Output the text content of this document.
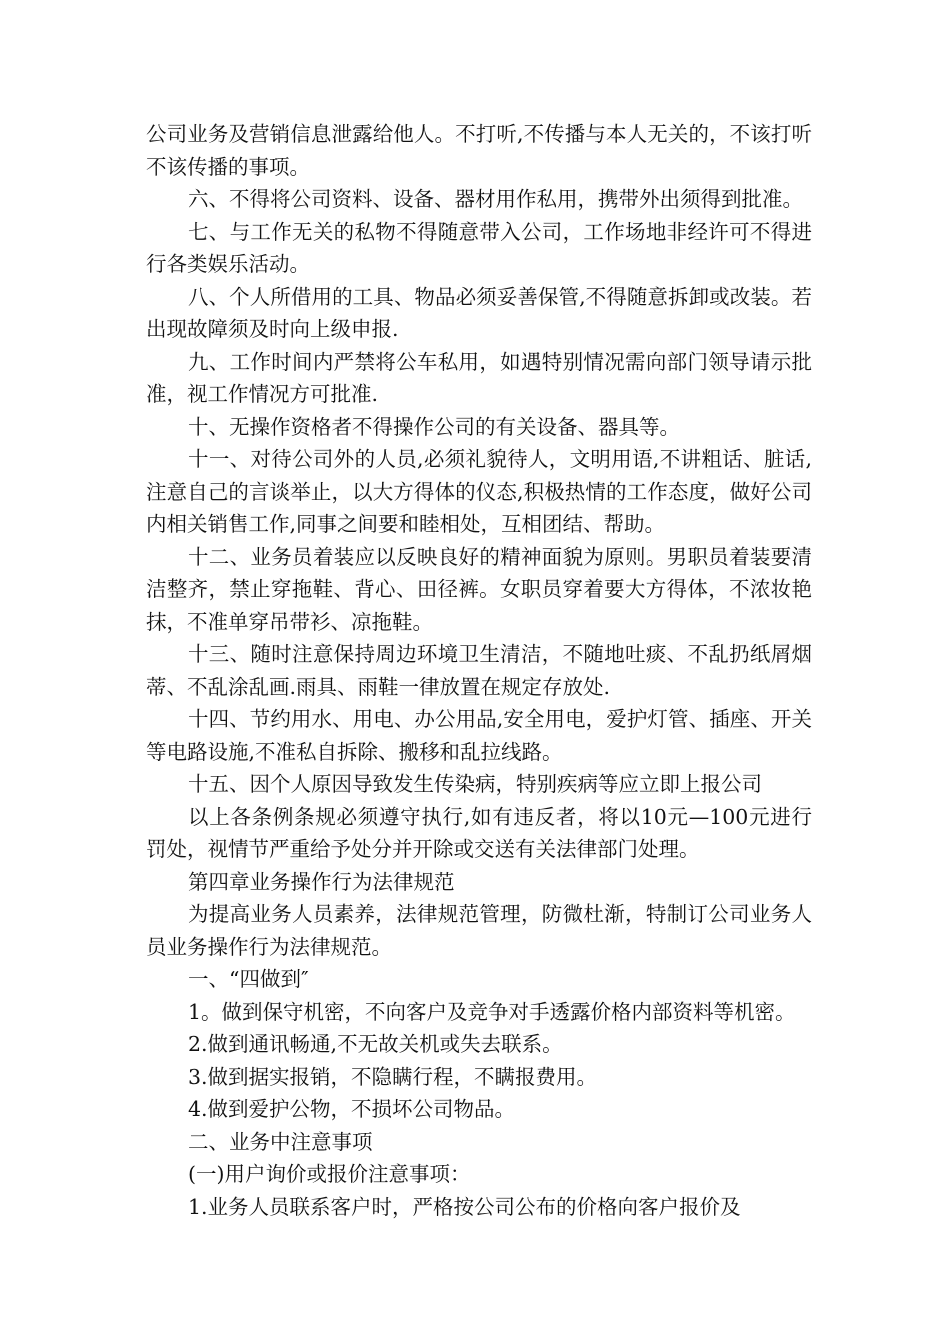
公司业务及营销信息泄露给他人。不打听,不传播与本人无关的，不该打听不该传播的事项。

六、不得将公司资料、设备、器材用作私用，携带外出须得到批准。

七、与工作无关的私物不得随意带入公司，工作场地非经许可不得进行各类娱乐活动。

八、个人所借用的工具、物品必须妥善保管,不得随意拆卸或改装。若出现故障须及时向上级申报.

九、工作时间内严禁将公车私用，如遇特别情况需向部门领导请示批准，视工作情况方可批准.

十、无操作资格者不得操作公司的有关设备、器具等。

十一、对待公司外的人员,必须礼貌待人，文明用语,不讲粗话、脏话,注意自己的言谈举止，以大方得体的仪态,积极热情的工作态度，做好公司内相关销售工作,同事之间要和睦相处，互相团结、帮助。

十二、业务员着装应以反映良好的精神面貌为原则。男职员着装要清洁整齐，禁止穿拖鞋、背心、田径裤。女职员穿着要大方得体，不浓妆艳抹，不准单穿吊带衫、凉拖鞋。

十三、随时注意保持周边环境卫生清洁，不随地吐痰、不乱扔纸屑烟蒂、不乱涂乱画.雨具、雨鞋一律放置在规定存放处.

十四、节约用水、用电、办公用品,安全用电，爱护灯管、插座、开关等电路设施,不准私自拆除、搬移和乱拉线路。

十五、因个人原因导致发生传染病，特别疾病等应立即上报公司

以上各条例条规必须遵守执行,如有违反者，将以10元—100元进行罚处，视情节严重给予处分并开除或交送有关法律部门处理。

第四章业务操作行为法律规范

为提高业务人员素养，法律规范管理，防微杜渐，特制订公司业务人员业务操作行为法律规范。

一、“四做到″

1。做到保守机密，不向客户及竞争对手透露价格内部资料等机密。

2.做到通讯畅通,不无故关机或失去联系。

3.做到据实报销，不隐瞒行程，不瞒报费用。

4.做到爱护公物，不损坏公司物品。

二、业务中注意事项

(一)用户询价或报价注意事项：

1.业务人员联系客户时，严格按公司公布的价格向客户报价及
